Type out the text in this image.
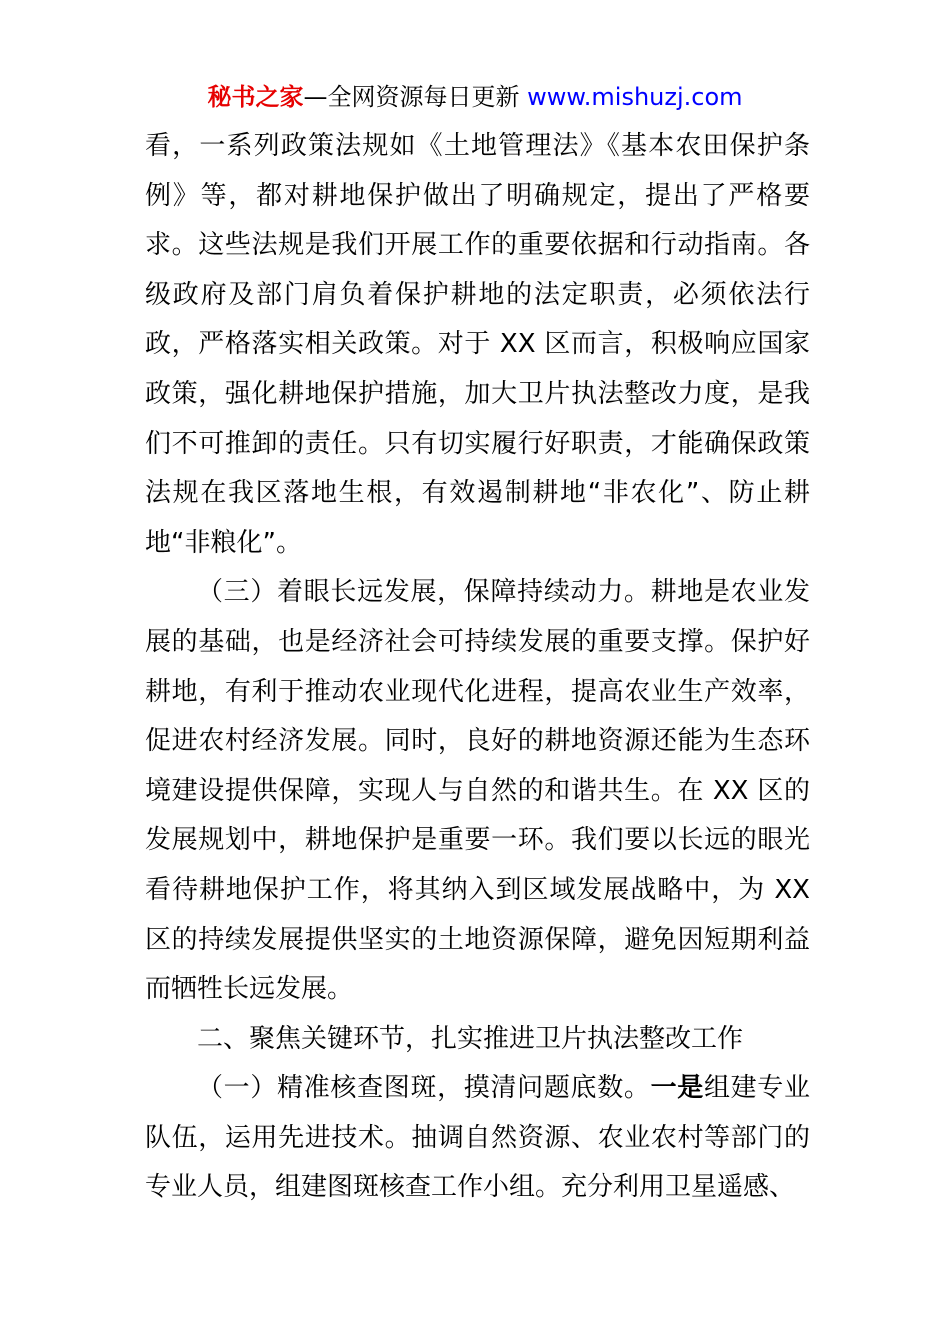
秘书之家—全网资源每日更新 www.mishuzj.com

看，一系列政策法规如《土地管理法》《基本农田保护条例》等，都对耕地保护做出了明确规定，提出了严格要求。这些法规是我们开展工作的重要依据和行动指南。各级政府及部门肩负着保护耕地的法定职责，必须依法行政，严格落实相关政策。对于 XX 区而言，积极响应国家政策，强化耕地保护措施，加大卫片执法整改力度，是我们不可推卸的责任。只有切实履行好职责，才能确保政策法规在我区落地生根，有效遏制耕地“非农化”、防止耕地“非粮化”。

（三）着眼长远发展，保障持续动力。耕地是农业发展的基础，也是经济社会可持续发展的重要支撑。保护好耕地，有利于推动农业现代化进程，提高农业生产效率，促进农村经济发展。同时，良好的耕地资源还能为生态环境建设提供保障，实现人与自然的和谐共生。在 XX 区的发展规划中，耕地保护是重要一环。我们要以长远的眼光看待耕地保护工作，将其纳入到区域发展战略中，为 XX 区的持续发展提供坚实的土地资源保障，避免因短期利益而牺牲长远发展。

二、聚焦关键环节，扎实推进卫片执法整改工作

（一）精准核查图斑，摸清问题底数。一是组建专业队伍，运用先进技术。抽调自然资源、农业农村等部门的专业人员，组建图斑核查工作小组。充分利用卫星遥感、
